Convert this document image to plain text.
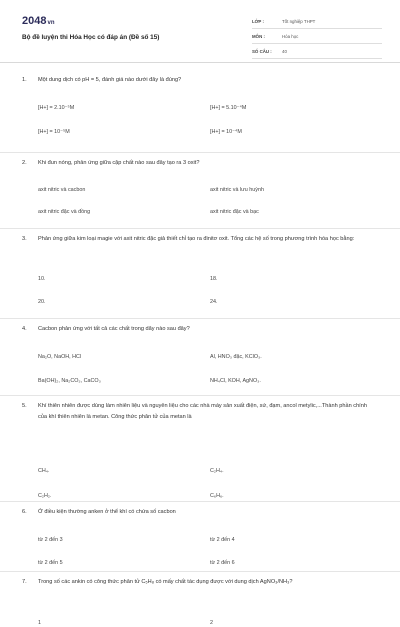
2048vn
Bộ đề luyện thi Hóa Học có đáp án (Đề số 15)
LỚP :	Tốt nghiệp THPT
MÔN :	Hóa học
SỐ CÂU :	40
1.	Một dung dịch có pH = 5, đánh giá nào dưới đây là đúng?
[H+] = 2.10⁻⁵M	[H+] = 5.10⁻⁴M
[H+] = 10⁻⁵M	[H+] = 10⁻⁴M
2.	Khi đun nóng, phản ứng giữa cặp chất nào sau đây tạo ra 3 oxit?
axit nitric và cacbon	axit nitric và lưu huỳnh
axit nitric đặc và đồng	axit nitric đặc và bạc
3.	Phản ứng giữa kim loại magie với axit nitric đặc giả thiết chỉ tạo ra đinitơ oxit. Tổng các hệ số trong phương trình hóa học bằng:
10.	18.
20.	24.
4.	Cacbon phản ứng với tất cả các chất trong dãy nào sau đây?
Na₂O, NaOH, HCl	Al, HNO₃ đặc, KClO₃.
Ba(OH)₂, Na₂CO₃, CaCO₃	NH₄Cl, KOH, AgNO₃.
5.	Khí thiên nhiên được dùng làm nhiên liệu và nguyên liệu cho các nhà máy sản xuất điện, sứ, đạm, ancol metylic,...Thành phần chính của khí thiên nhiên là metan. Công thức phân tử của metan là
CH₄.	C₂H₄.
C₂H₂.	C₆H₆.
6.	Ở điều kiện thường anken ở thể khí có chứa số cacbon
từ 2 đến 3	từ 2 đến 4
từ 2 đến 5	từ 2 đến 6
7.	Trong số các ankin có công thức phân tử C₅H₈ có mấy chất tác dụng được với dung dịch AgNO₃/NH₃?
1	2
